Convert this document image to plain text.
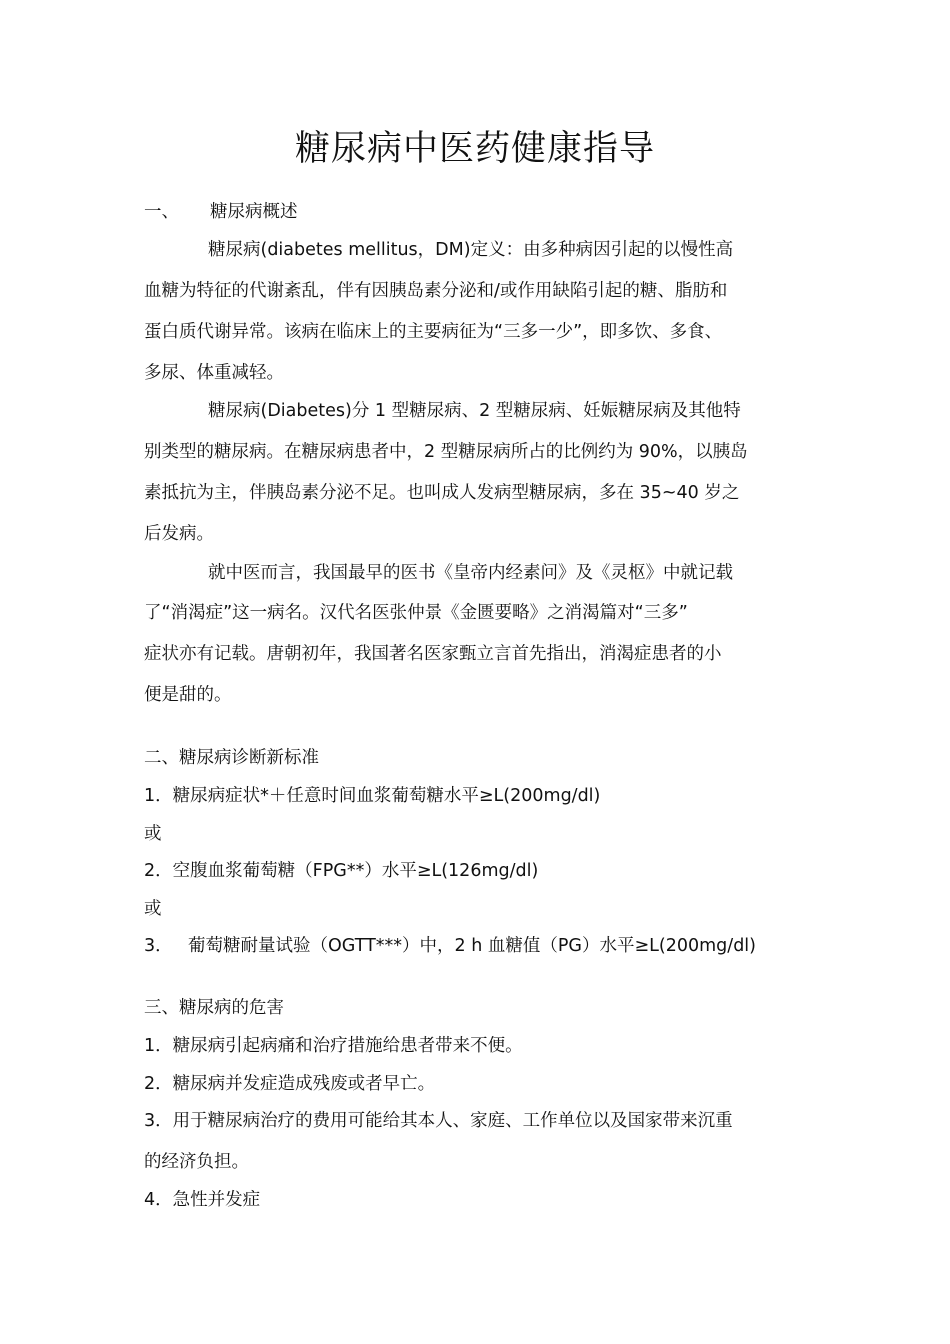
糖尿病中医药健康指导

一、 糖尿病概述

糖尿病(diabetes mellitus，DM)定义：由多种病因引起的以慢性高

血糖为特征的代谢紊乱，伴有因胰岛素分泌和/或作用缺陷引起的糖、脂肪和

蛋白质代谢异常。该病在临床上的主要病征为“三多一少”，即多饮、多食、

多尿、体重减轻。

糖尿病(Diabetes)分 1 型糖尿病、2 型糖尿病、妊娠糖尿病及其他特

别类型的糖尿病。在糖尿病患者中，2 型糖尿病所占的比例约为 90%，以胰岛

素抵抗为主，伴胰岛素分泌不足。也叫成人发病型糖尿病，多在 35~40 岁之

后发病。

就中医而言，我国最早的医书《皇帝内经素问》及《灵枢》中就记载

了“消渴症”这一病名。汉代名医张仲景《金匮要略》之消渴篇对“三多”

症状亦有记载。唐朝初年，我国著名医家甄立言首先指出，消渴症患者的小

便是甜的。

二、糖尿病诊断新标准

1．糖尿病症状*＋任意时间血浆葡萄糖水平≥L(200mg/dl)

或

2．空腹血浆葡萄糖（FPG**）水平≥L(126mg/dl)

或

3． 葡萄糖耐量试验（OGTT***）中，2 h 血糖值（PG）水平≥L(200mg/dl)

三、糖尿病的危害

1．糖尿病引起病痛和治疗措施给患者带来不便。

2．糖尿病并发症造成残废或者早亡。

3．用于糖尿病治疗的费用可能给其本人、家庭、工作单位以及国家带来沉重

的经济负担。

4．急性并发症
